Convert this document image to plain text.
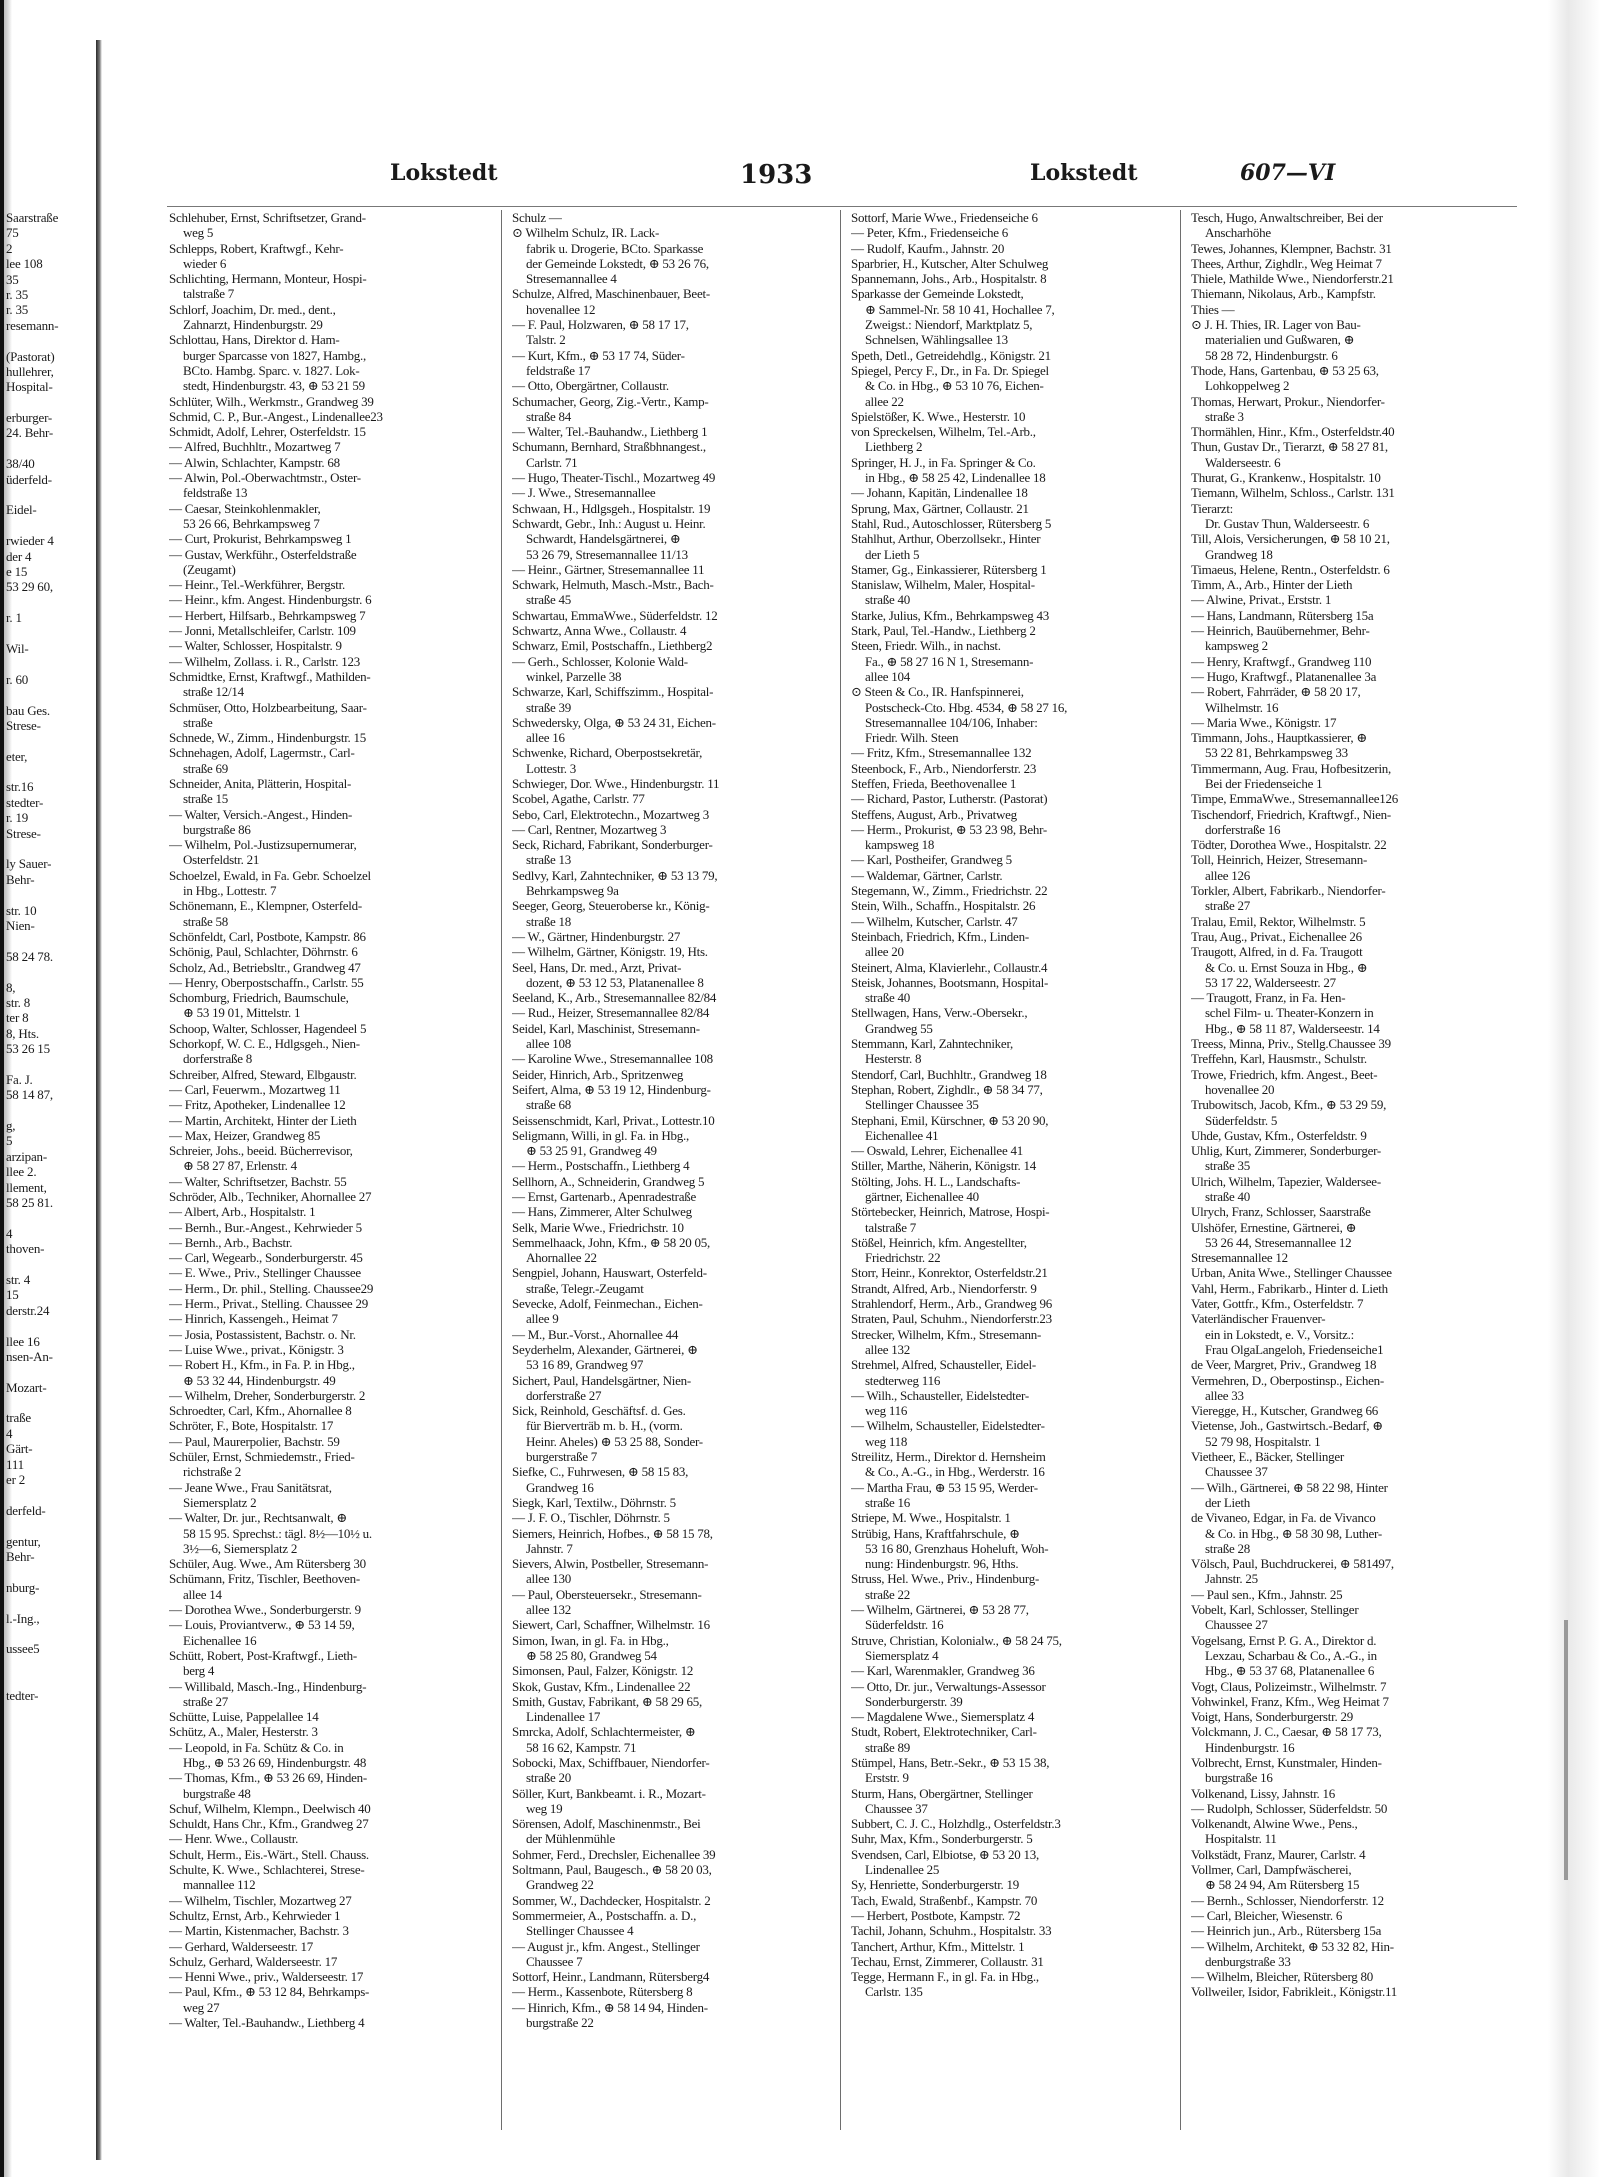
Saarstraße
75
2
lee 108
35
r. 35
r. 35
resemann-
(Pastorat)
hullehrer,
Hospital-
erburger-
24. Behr-
38/40
üderfeld-
Eidel-
rwieder 4
der 4
e 15
53 29 60,
r. 1
Wil-
r. 60
bau Ges.
Strese-
eter,
str.16
stedter-
r. 19
Strese-
ly Sauer-
Behr-
str. 10
Nien-
58 24 78.
8,
str. 8
ter 8
8, Hts.
53 26 15
Fa. J.
58 14 87,
g,
5
arzipan-
llee 2.
llement,
58 25 81.
4
thoven-
str. 4
15
derstr.24
llee 16
nsen-An-
Mozart-
traße
4
Gärt-
111
er 2
derfeld-
gentur,
Behr-
nburg-
l.-Ing.,
ussee5
tedter-
Lokstedt	1933	Lokstedt	607—VI
Schlehuber, Ernst, Schriftsetzer, Grand-
weg 5
Schlepps, Robert, Kraftwgf., Kehr-
wieder 6
Schlichting, Hermann, Monteur, Hospi-
talstraße 7
Schlorf, Joachim, Dr. med., dent.,
Zahnarzt, Hindenburgstr. 29
Schlottau, Hans, Direktor d. Ham-
burger Sparcasse von 1827, Hambg.,
BCto. Hambg. Sparc. v. 1827. Lok-
stedt, Hindenburgstr. 43, ⊕ 53 21 59
Schlüter, Wilh., Werkmstr., Grandweg 39
Schmid, C. P., Bur.-Angest., Lindenallee23
Schmidt, Adolf, Lehrer, Osterfeldstr. 15
— Alfred, Buchhltr., Mozartweg 7
— Alwin, Schlachter, Kampstr. 68
— Alwin, Pol.-Oberwachtmstr., Oster-
feldstraße 13
— Caesar, Steinkohlenmakler,
53 26 66, Behrkampsweg 7
— Curt, Prokurist, Behrkampsweg 1
— Gustav, Werkführ., Osterfeldstraße
(Zeugamt)
— Heinr., Tel.-Werkführer, Bergstr.
— Heinr., kfm. Angest. Hindenburgstr. 6
— Herbert, Hilfsarb., Behrkampsweg 7
— Jonni, Metallschleifer, Carlstr. 109
— Walter, Schlosser, Hospitalstr. 9
— Wilhelm, Zollass. i. R., Carlstr. 123
Schmidtke, Ernst, Kraftwgf., Mathilden-
straße 12/14
Schmüser, Otto, Holzbearbeitung, Saar-
straße
Schnede, W., Zimm., Hindenburgstr. 15
Schnehagen, Adolf, Lagermstr., Carl-
straße 69
Schneider, Anita, Plätterin, Hospital-
straße 15
— Walter, Versich.-Angest., Hinden-
burgstraße 86
— Wilhelm, Pol.-Justizsupernumerar,
Osterfeldstr. 21
Schoelzel, Ewald, in Fa. Gebr. Schoelzel
in Hbg., Lottestr. 7
Schönemann, E., Klempner, Osterfeld-
straße 58
Schönfeldt, Carl, Postbote, Kampstr. 86
Schönig, Paul, Schlachter, Döhrnstr. 6
Scholz, Ad., Betriebsltr., Grandweg 47
— Henry, Oberpostschaffn., Carlstr. 55
Schomburg, Friedrich, Baumschule,
⊕ 53 19 01, Mittelstr. 1
Schoop, Walter, Schlosser, Hagendeel 5
Schorkopf, W. C. E., Hdlgsgeh., Nien-
dorferstraße 8
Schreiber, Alfred, Steward, Elbgaustr.
— Carl, Feuerwm., Mozartweg 11
— Fritz, Apotheker, Lindenallee 12
— Martin, Architekt, Hinter der Lieth
— Max, Heizer, Grandweg 85
Schreier, Johs., beeid. Bücherrevisor,
⊕ 58 27 87, Erlenstr. 4
— Walter, Schriftsetzer, Bachstr. 55
Schröder, Alb., Techniker, Ahornallee 27
— Albert, Arb., Hospitalstr. 1
— Bernh., Bur.-Angest., Kehrwieder 5
— Bernh., Arb., Bachstr.
— Carl, Wegearb., Sonderburgerstr. 45
— E. Wwe., Priv., Stellinger Chaussee
— Herm., Dr. phil., Stelling. Chaussee29
— Herm., Privat., Stelling. Chaussee 29
— Hinrich, Kassengeh., Heimat 7
— Josia, Postassistent, Bachstr. o. Nr.
— Luise Wwe., privat., Königstr. 3
— Robert H., Kfm., in Fa. P. in Hbg.,
⊕ 53 32 44, Hindenburgstr. 49
— Wilhelm, Dreher, Sonderburgerstr. 2
Schroedter, Carl, Kfm., Ahornallee 8
Schröter, F., Bote, Hospitalstr. 17
— Paul, Maurerpolier, Bachstr. 59
Schüler, Ernst, Schmiedemstr., Fried-
richstraße 2
— Jeane Wwe., Frau Sanitätsrat,
Siemersplatz 2
— Walter, Dr. jur., Rechtsanwalt, ⊕
58 15 95. Sprechst.: tägl. 8½—10½ u.
3½—6, Siemersplatz 2
Schüler, Aug. Wwe., Am Rütersberg 30
Schümann, Fritz, Tischler, Beethoven-
allee 14
— Dorothea Wwe., Sonderburgerstr. 9
— Louis, Proviantverw., ⊕ 53 14 59,
Eichenallee 16
Schütt, Robert, Post-Kraftwgf., Lieth-
berg 4
— Willibald, Masch.-Ing., Hindenburg-
straße 27
Schütte, Luise, Pappelallee 14
Schütz, A., Maler, Hesterstr. 3
— Leopold, in Fa. Schütz & Co. in
Hbg., ⊕ 53 26 69, Hindenburgstr. 48
— Thomas, Kfm., ⊕ 53 26 69, Hinden-
burgstraße 48
Schuf, Wilhelm, Klempn., Deelwisch 40
Schuldt, Hans Chr., Kfm., Grandweg 27
— Henr. Wwe., Collaustr.
Schult, Herm., Eis.-Wärt., Stell. Chauss.
Schulte, K. Wwe., Schlachterei, Strese-
mannallee 112
— Wilhelm, Tischler, Mozartweg 27
Schultz, Ernst, Arb., Kehrwieder 1
— Martin, Kistenmacher, Bachstr. 3
— Gerhard, Walderseestr. 17
Schulz, Gerhard, Walderseestr. 17
— Henni Wwe., priv., Walderseestr. 17
— Paul, Kfm., ⊕ 53 12 84, Behrkamps-
weg 27
— Walter, Tel.-Bauhandw., Liethberg 4
Schulz —
⊙ Wilhelm Schulz, IR. Lack-
fabrik u. Drogerie, BCto. Sparkasse
der Gemeinde Lokstedt, ⊕ 53 26 76,
Stresemannallee 4
Schulze, Alfred, Maschinenbauer, Beet-
hovenallee 12
— F. Paul, Holzwaren, ⊕ 58 17 17,
Talstr. 2
— Kurt, Kfm., ⊕ 53 17 74, Süder-
feldstraße 17
— Otto, Obergärtner, Collaustr.
Schumacher, Georg, Zig.-Vertr., Kamp-
straße 84
— Walter, Tel.-Bauhandw., Liethberg 1
Schumann, Bernhard, Straßbhnangest.,
Carlstr. 71
— Hugo, Theater-Tischl., Mozartweg 49
— J. Wwe., Stresemannallee
Schwaan, H., Hdlgsgeh., Hospitalstr. 19
Schwardt, Gebr., Inh.: August u. Heinr.
Schwardt, Handelsgärtnerei, ⊕
53 26 79, Stresemannallee 11/13
— Heinr., Gärtner, Stresemannallee 11
Schwark, Helmuth, Masch.-Mstr., Bach-
straße 45
Schwartau, EmmaWwe., Süderfeldstr. 12
Schwartz, Anna Wwe., Collaustr. 4
Schwarz, Emil, Postschaffn., Liethberg2
— Gerh., Schlosser, Kolonie Wald-
winkel, Parzelle 38
Schwarze, Karl, Schiffszimm., Hospital-
straße 39
Schwedersky, Olga, ⊕ 53 24 31, Eichen-
allee 16
Schwenke, Richard, Oberpostsekretär,
Lottestr. 3
Schwieger, Dor. Wwe., Hindenburgstr. 11
Scobel, Agathe, Carlstr. 77
Sebo, Carl, Elektrotechn., Mozartweg 3
— Carl, Rentner, Mozartweg 3
Seck, Richard, Fabrikant, Sonderburger-
straße 13
Sedlvy, Karl, Zahntechniker, ⊕ 53 13 79,
Behrkampsweg 9a
Seeger, Georg, Steueroberse kr., König-
straße 18
— W., Gärtner, Hindenburgstr. 27
— Wilhelm, Gärtner, Königstr. 19, Hts.
Seel, Hans, Dr. med., Arzt, Privat-
dozent, ⊕ 53 12 53, Platanenallee 8
Seeland, K., Arb., Stresemannallee 82/84
— Rud., Heizer, Stresemannallee 82/84
Seidel, Karl, Maschinist, Stresemann-
allee 108
— Karoline Wwe., Stresemannallee 108
Seider, Hinrich, Arb., Spritzenweg
Seifert, Alma, ⊕ 53 19 12, Hindenburg-
straße 68
Seissenschmidt, Karl, Privat., Lottestr.10
Seligmann, Willi, in gl. Fa. in Hbg.,
⊕ 53 25 91, Grandweg 49
— Herm., Postschaffn., Liethberg 4
Sellhorn, A., Schneiderin, Grandweg 5
— Ernst, Gartenarb., Apenradestraße
— Hans, Zimmerer, Alter Schulweg
Selk, Marie Wwe., Friedrichstr. 10
Semmelhaack, John, Kfm., ⊕ 58 20 05,
Ahornallee 22
Sengpiel, Johann, Hauswart, Osterfeld-
straße, Telegr.-Zeugamt
Sevecke, Adolf, Feinmechan., Eichen-
allee 9
— M., Bur.-Vorst., Ahornallee 44
Seyderhelm, Alexander, Gärtnerei, ⊕
53 16 89, Grandweg 97
Sichert, Paul, Handelsgärtner, Nien-
dorferstraße 27
Sick, Reinhold, Geschäftsf. d. Ges.
für Bierverträb m. b. H., (vorm.
Heinr. Aheles) ⊕ 53 25 88, Sonder-
burgerstraße 7
Siefke, C., Fuhrwesen, ⊕ 58 15 83,
Grandweg 16
Siegk, Karl, Textilw., Döhrnstr. 5
— J. F. O., Tischler, Döhrnstr. 5
Siemers, Heinrich, Hofbes., ⊕ 58 15 78,
Jahnstr. 7
Sievers, Alwin, Postbeller, Stresemann-
allee 130
— Paul, Obersteuersekr., Stresemann-
allee 132
Siewert, Carl, Schaffner, Wilhelmstr. 16
Simon, Iwan, in gl. Fa. in Hbg.,
⊕ 58 25 80, Grandweg 54
Simonsen, Paul, Falzer, Königstr. 12
Skok, Gustav, Kfm., Lindenallee 22
Smith, Gustav, Fabrikant, ⊕ 58 29 65,
Lindenallee 17
Smrcka, Adolf, Schlachtermeister, ⊕
58 16 62, Kampstr. 71
Sobocki, Max, Schiffbauer, Niendorfer-
straße 20
Söller, Kurt, Bankbeamt. i. R., Mozart-
weg 19
Sörensen, Adolf, Maschinenmstr., Bei
der Mühlenmühle
Sohmer, Ferd., Drechsler, Eichenallee 39
Soltmann, Paul, Baugesch., ⊕ 58 20 03,
Grandweg 22
Sommer, W., Dachdecker, Hospitalstr. 2
Sommermeier, A., Postschaffn. a. D.,
Stellinger Chaussee 4
— August jr., kfm. Angest., Stellinger
Chaussee 7
Sottorf, Heinr., Landmann, Rütersberg4
— Herm., Kassenbote, Rütersberg 8
— Hinrich, Kfm., ⊕ 58 14 94, Hinden-
burgstraße 22
Sottorf, Marie Wwe., Friedenseiche 6
— Peter, Kfm., Friedenseiche 6
— Rudolf, Kaufm., Jahnstr. 20
Sparbrier, H., Kutscher, Alter Schulweg
Spannemann, Johs., Arb., Hospitalstr. 8
Sparkasse der Gemeinde Lokstedt,
⊕ Sammel-Nr. 58 10 41, Hochallee 7,
Zweigst.: Niendorf, Marktplatz 5,
Schnelsen, Wählingsallee 13
Speth, Detl., Getreidehdlg., Königstr. 21
Spiegel, Percy F., Dr., in Fa. Dr. Spiegel
& Co. in Hbg., ⊕ 53 10 76, Eichen-
allee 22
Spielstößer, K. Wwe., Hesterstr. 10
von Spreckelsen, Wilhelm, Tel.-Arb.,
Liethberg 2
Springer, H. J., in Fa. Springer & Co.
in Hbg., ⊕ 58 25 42, Lindenallee 18
— Johann, Kapitän, Lindenallee 18
Sprung, Max, Gärtner, Collaustr. 21
Stahl, Rud., Autoschlosser, Rütersberg 5
Stahlhut, Arthur, Oberzollsekr., Hinter
der Lieth 5
Stamer, Gg., Einkassierer, Rütersberg 1
Stanislaw, Wilhelm, Maler, Hospital-
straße 40
Starke, Julius, Kfm., Behrkampsweg 43
Stark, Paul, Tel.-Handw., Liethberg 2
Steen, Friedr. Wilh., in nachst.
Fa., ⊕ 58 27 16 N 1, Stresemann-
allee 104
⊙ Steen & Co., IR. Hanfspinnerei,
Postscheck-Cto. Hbg. 4534, ⊕ 58 27 16,
Stresemannallee 104/106, Inhaber:
Friedr. Wilh. Steen
— Fritz, Kfm., Stresemannallee 132
Steenbock, F., Arb., Niendorferstr. 23
Steffen, Frieda, Beethovenallee 1
— Richard, Pastor, Lutherstr. (Pastorat)
Steffens, August, Arb., Privatweg
— Herm., Prokurist, ⊕ 53 23 98, Behr-
kampsweg 18
— Karl, Postheifer, Grandweg 5
— Waldemar, Gärtner, Carlstr.
Stegemann, W., Zimm., Friedrichstr. 22
Stein, Wilh., Schaffn., Hospitalstr. 26
— Wilhelm, Kutscher, Carlstr. 47
Steinbach, Friedrich, Kfm., Linden-
allee 20
Steinert, Alma, Klavierlehr., Collaustr.4
Steisk, Johannes, Bootsmann, Hospital-
straße 40
Stellwagen, Hans, Verw.-Obersekr.,
Grandweg 55
Stemmann, Karl, Zahntechniker,
Hesterstr. 8
Stendorf, Carl, Buchhltr., Grandweg 18
Stephan, Robert, Zighdlr., ⊕ 58 34 77,
Stellinger Chaussee 35
Stephani, Emil, Kürschner, ⊕ 53 20 90,
Eichenallee 41
— Oswald, Lehrer, Eichenallee 41
Stiller, Marthe, Näherin, Königstr. 14
Stölting, Johs. H. L., Landschafts-
gärtner, Eichenallee 40
Störtebecker, Heinrich, Matrose, Hospi-
talstraße 7
Stößel, Heinrich, kfm. Angestellter,
Friedrichstr. 22
Storr, Heinr., Konrektor, Osterfeldstr.21
Strandt, Alfred, Arb., Niendorferstr. 9
Strahlendorf, Herm., Arb., Grandweg 96
Straten, Paul, Schuhm., Niendorferstr.23
Strecker, Wilhelm, Kfm., Stresemann-
allee 132
Strehmel, Alfred, Schausteller, Eidel-
stedterweg 116
— Wilh., Schausteller, Eidelstedter-
weg 116
— Wilhelm, Schausteller, Eidelstedter-
weg 118
Streilitz, Herm., Direktor d. Hernsheim
& Co., A.-G., in Hbg., Werderstr. 16
— Martha Frau, ⊕ 53 15 95, Werder-
straße 16
Striepe, M. Wwe., Hospitalstr. 1
Strübig, Hans, Kraftfahrschule, ⊕
53 16 80, Grenzhaus Hoheluft, Woh-
nung: Hindenburgstr. 96, Hths.
Struss, Hel. Wwe., Priv., Hindenburg-
straße 22
— Wilhelm, Gärtnerei, ⊕ 53 28 77,
Süderfeldstr. 16
Struve, Christian, Kolonialw., ⊕ 58 24 75,
Siemersplatz 4
— Karl, Warenmakler, Grandweg 36
— Otto, Dr. jur., Verwaltungs-Assessor
Sonderburgerstr. 39
— Magdalene Wwe., Siemersplatz 4
Studt, Robert, Elektrotechniker, Carl-
straße 89
Stümpel, Hans, Betr.-Sekr., ⊕ 53 15 38,
Erststr. 9
Sturm, Hans, Obergärtner, Stellinger
Chaussee 37
Subbert, C. J. C., Holzhdlg., Osterfeldstr.3
Suhr, Max, Kfm., Sonderburgerstr. 5
Svendsen, Carl, Elbiotse, ⊕ 53 20 13,
Lindenallee 25
Sy, Henriette, Sonderburgerstr. 19
Tach, Ewald, Straßenbf., Kampstr. 70
— Herbert, Postbote, Kampstr. 72
Tachil, Johann, Schuhm., Hospitalstr. 33
Tanchert, Arthur, Kfm., Mittelstr. 1
Techau, Ernst, Zimmerer, Collaustr. 31
Tegge, Hermann F., in gl. Fa. in Hbg.,
Carlstr. 135
Tesch, Hugo, Anwaltschreiber, Bei der
Anscharhöhe
Tewes, Johannes, Klempner, Bachstr. 31
Thees, Arthur, Zighdlr., Weg Heimat 7
Thiele, Mathilde Wwe., Niendorferstr.21
Thiemann, Nikolaus, Arb., Kampfstr.
Thies —
⊙ J. H. Thies, IR. Lager von Bau-
materialien und Gußwaren, ⊕
58 28 72, Hindenburgstr. 6
Thode, Hans, Gartenbau, ⊕ 53 25 63,
Lohkoppelweg 2
Thomas, Herwart, Prokur., Niendorfer-
straße 3
Thormählen, Hinr., Kfm., Osterfeldstr.40
Thun, Gustav Dr., Tierarzt, ⊕ 58 27 81,
Walderseestr. 6
Thurat, G., Krankenw., Hospitalstr. 10
Tiemann, Wilhelm, Schloss., Carlstr. 131
Tierarzt:
Dr. Gustav Thun, Walderseestr. 6
Till, Alois, Versicherungen, ⊕ 58 10 21,
Grandweg 18
Timaeus, Helene, Rentn., Osterfeldstr. 6
Timm, A., Arb., Hinter der Lieth
— Alwine, Privat., Erststr. 1
— Hans, Landmann, Rütersberg 15a
— Heinrich, Bauübernehmer, Behr-
kampsweg 2
— Henry, Kraftwgf., Grandweg 110
— Hugo, Kraftwgf., Platanenallee 3a
— Robert, Fahrräder, ⊕ 58 20 17,
Wilhelmstr. 16
— Maria Wwe., Königstr. 17
Timmann, Johs., Hauptkassierer, ⊕
53 22 81, Behrkampsweg 33
Timmermann, Aug. Frau, Hofbesitzerin,
Bei der Friedenseiche 1
Timpe, EmmaWwe., Stresemannallee126
Tischendorf, Friedrich, Kraftwgf., Nien-
dorferstraße 16
Tödter, Dorothea Wwe., Hospitalstr. 22
Toll, Heinrich, Heizer, Stresemann-
allee 126
Torkler, Albert, Fabrikarb., Niendorfer-
straße 27
Tralau, Emil, Rektor, Wilhelmstr. 5
Trau, Aug., Privat., Eichenallee 26
Traugott, Alfred, in d. Fa. Traugott
& Co. u. Ernst Souza in Hbg., ⊕
53 17 22, Walderseestr. 27
— Traugott, Franz, in Fa. Hen-
schel Film- u. Theater-Konzern in
Hbg., ⊕ 58 11 87, Walderseestr. 14
Treess, Minna, Priv., Stellg.Chaussee 39
Treffehn, Karl, Hausmstr., Schulstr.
Trowe, Friedrich, kfm. Angest., Beet-
hovenallee 20
Trubowitsch, Jacob, Kfm., ⊕ 53 29 59,
Süderfeldstr. 5
Uhde, Gustav, Kfm., Osterfeldstr. 9
Uhlig, Kurt, Zimmerer, Sonderburger-
straße 35
Ulrich, Wilhelm, Tapezier, Waldersee-
straße 40
Ulrych, Franz, Schlosser, Saarstraße
Ulshöfer, Ernestine, Gärtnerei, ⊕
53 26 44, Stresemannallee 12
Stresemannallee 12
Urban, Anita Wwe., Stellinger Chaussee
Vahl, Herm., Fabrikarb., Hinter d. Lieth
Vater, Gottfr., Kfm., Osterfeldstr. 7
Vaterländischer Frauenver-
ein in Lokstedt, e. V., Vorsitz.:
Frau OlgaLangeloh, Friedenseiche1
de Veer, Margret, Priv., Grandweg 18
Vermehren, D., Oberpostinsp., Eichen-
allee 33
Vieregge, H., Kutscher, Grandweg 66
Vietense, Joh., Gastwirtsch.-Bedarf, ⊕
52 79 98, Hospitalstr. 1
Vietheer, E., Bäcker, Stellinger
Chaussee 37
— Wilh., Gärtnerei, ⊕ 58 22 98, Hinter
der Lieth
de Vivaneo, Edgar, in Fa. de Vivanco
& Co. in Hbg., ⊕ 58 30 98, Luther-
straße 28
Völsch, Paul, Buchdruckerei, ⊕ 581497,
Jahnstr. 25
— Paul sen., Kfm., Jahnstr. 25
Vobelt, Karl, Schlosser, Stellinger
Chaussee 27
Vogelsang, Ernst P. G. A., Direktor d.
Lexzau, Scharbau & Co., A.-G., in
Hbg., ⊕ 53 37 68, Platanenallee 6
Vogt, Claus, Polizeimstr., Wilhelmstr. 7
Vohwinkel, Franz, Kfm., Weg Heimat 7
Voigt, Hans, Sonderburgerstr. 29
Volckmann, J. C., Caesar, ⊕ 58 17 73,
Hindenburgstr. 16
Volbrecht, Ernst, Kunstmaler, Hinden-
burgstraße 16
Volkenand, Lissy, Jahnstr. 16
— Rudolph, Schlosser, Süderfeldstr. 50
Volkenandt, Alwine Wwe., Pens.,
Hospitalstr. 11
Volkstädt, Franz, Maurer, Carlstr. 4
Vollmer, Carl, Dampfwäscherei,
⊕ 58 24 94, Am Rütersberg 15
— Bernh., Schlosser, Niendorferstr. 12
— Carl, Bleicher, Wiesenstr. 6
— Heinrich jun., Arb., Rütersberg 15a
— Wilhelm, Architekt, ⊕ 53 32 82, Hin-
denburgstraße 33
— Wilhelm, Bleicher, Rütersberg 80
Vollweiler, Isidor, Fabrikleit., Königstr.11
